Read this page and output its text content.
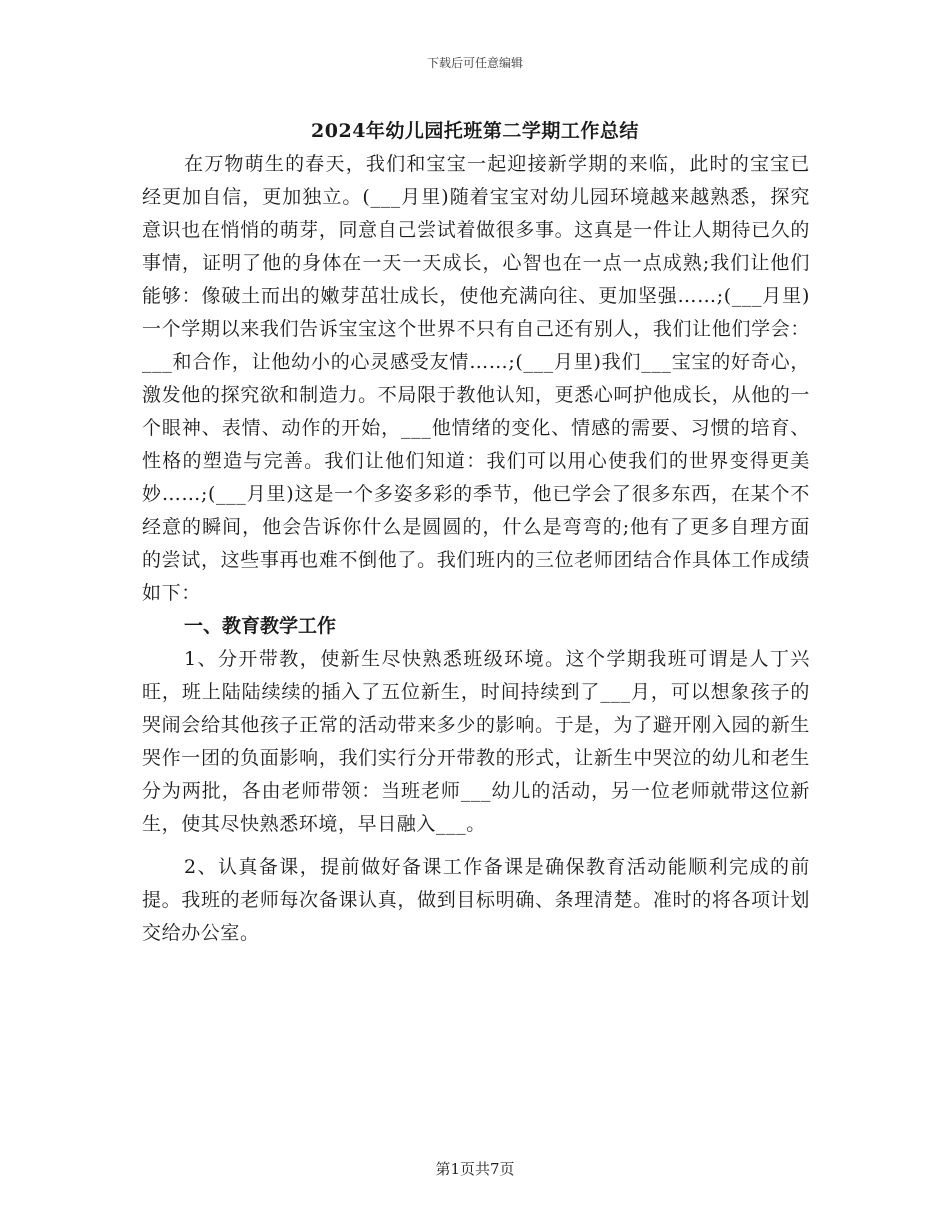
下载后可任意编辑
2024年幼儿园托班第二学期工作总结

在万物萌生的春天，我们和宝宝一起迎接新学期的来临，此时的宝宝已经更加自信，更加独立。(___月里)随着宝宝对幼儿园环境越来越熟悉，探究意识也在悄悄的萌芽，同意自己尝试着做很多事。这真是一件让人期待已久的事情，证明了他的身体在一天一天成长，心智也在一点一点成熟;我们让他们能够：像破土而出的嫩芽茁壮成长，使他充满向往、更加坚强……;(___月里)一个学期以来我们告诉宝宝这个世界不只有自己还有别人，我们让他们学会：___和合作，让他幼小的心灵感受友情……;(___月里)我们___宝宝的好奇心，激发他的探究欲和制造力。不局限于教他认知，更悉心呵护他成长，从他的一个眼神、表情、动作的开始，___他情绪的变化、情感的需要、习惯的培育、性格的塑造与完善。我们让他们知道：我们可以用心使我们的世界变得更美妙……;(___月里)这是一个多姿多彩的季节，他已学会了很多东西，在某个不经意的瞬间，他会告诉你什么是圆圆的，什么是弯弯的;他有了更多自理方面的尝试，这些事再也难不倒他了。我们班内的三位老师团结合作具体工作成绩如下：

一、教育教学工作

1、分开带教，使新生尽快熟悉班级环境。这个学期我班可谓是人丁兴旺，班上陆陆续续的插入了五位新生，时间持续到了___月，可以想象孩子的哭闹会给其他孩子正常的活动带来多少的影响。于是，为了避开刚入园的新生哭作一团的负面影响，我们实行分开带教的形式，让新生中哭泣的幼儿和老生分为两批，各由老师带领：当班老师___幼儿的活动，另一位老师就带这位新生，使其尽快熟悉环境，早日融入___。

2、认真备课，提前做好备课工作备课是确保教育活动能顺利完成的前提。我班的老师每次备课认真，做到目标明确、条理清楚。准时的将各项计划交给办公室。

第1页共7页
